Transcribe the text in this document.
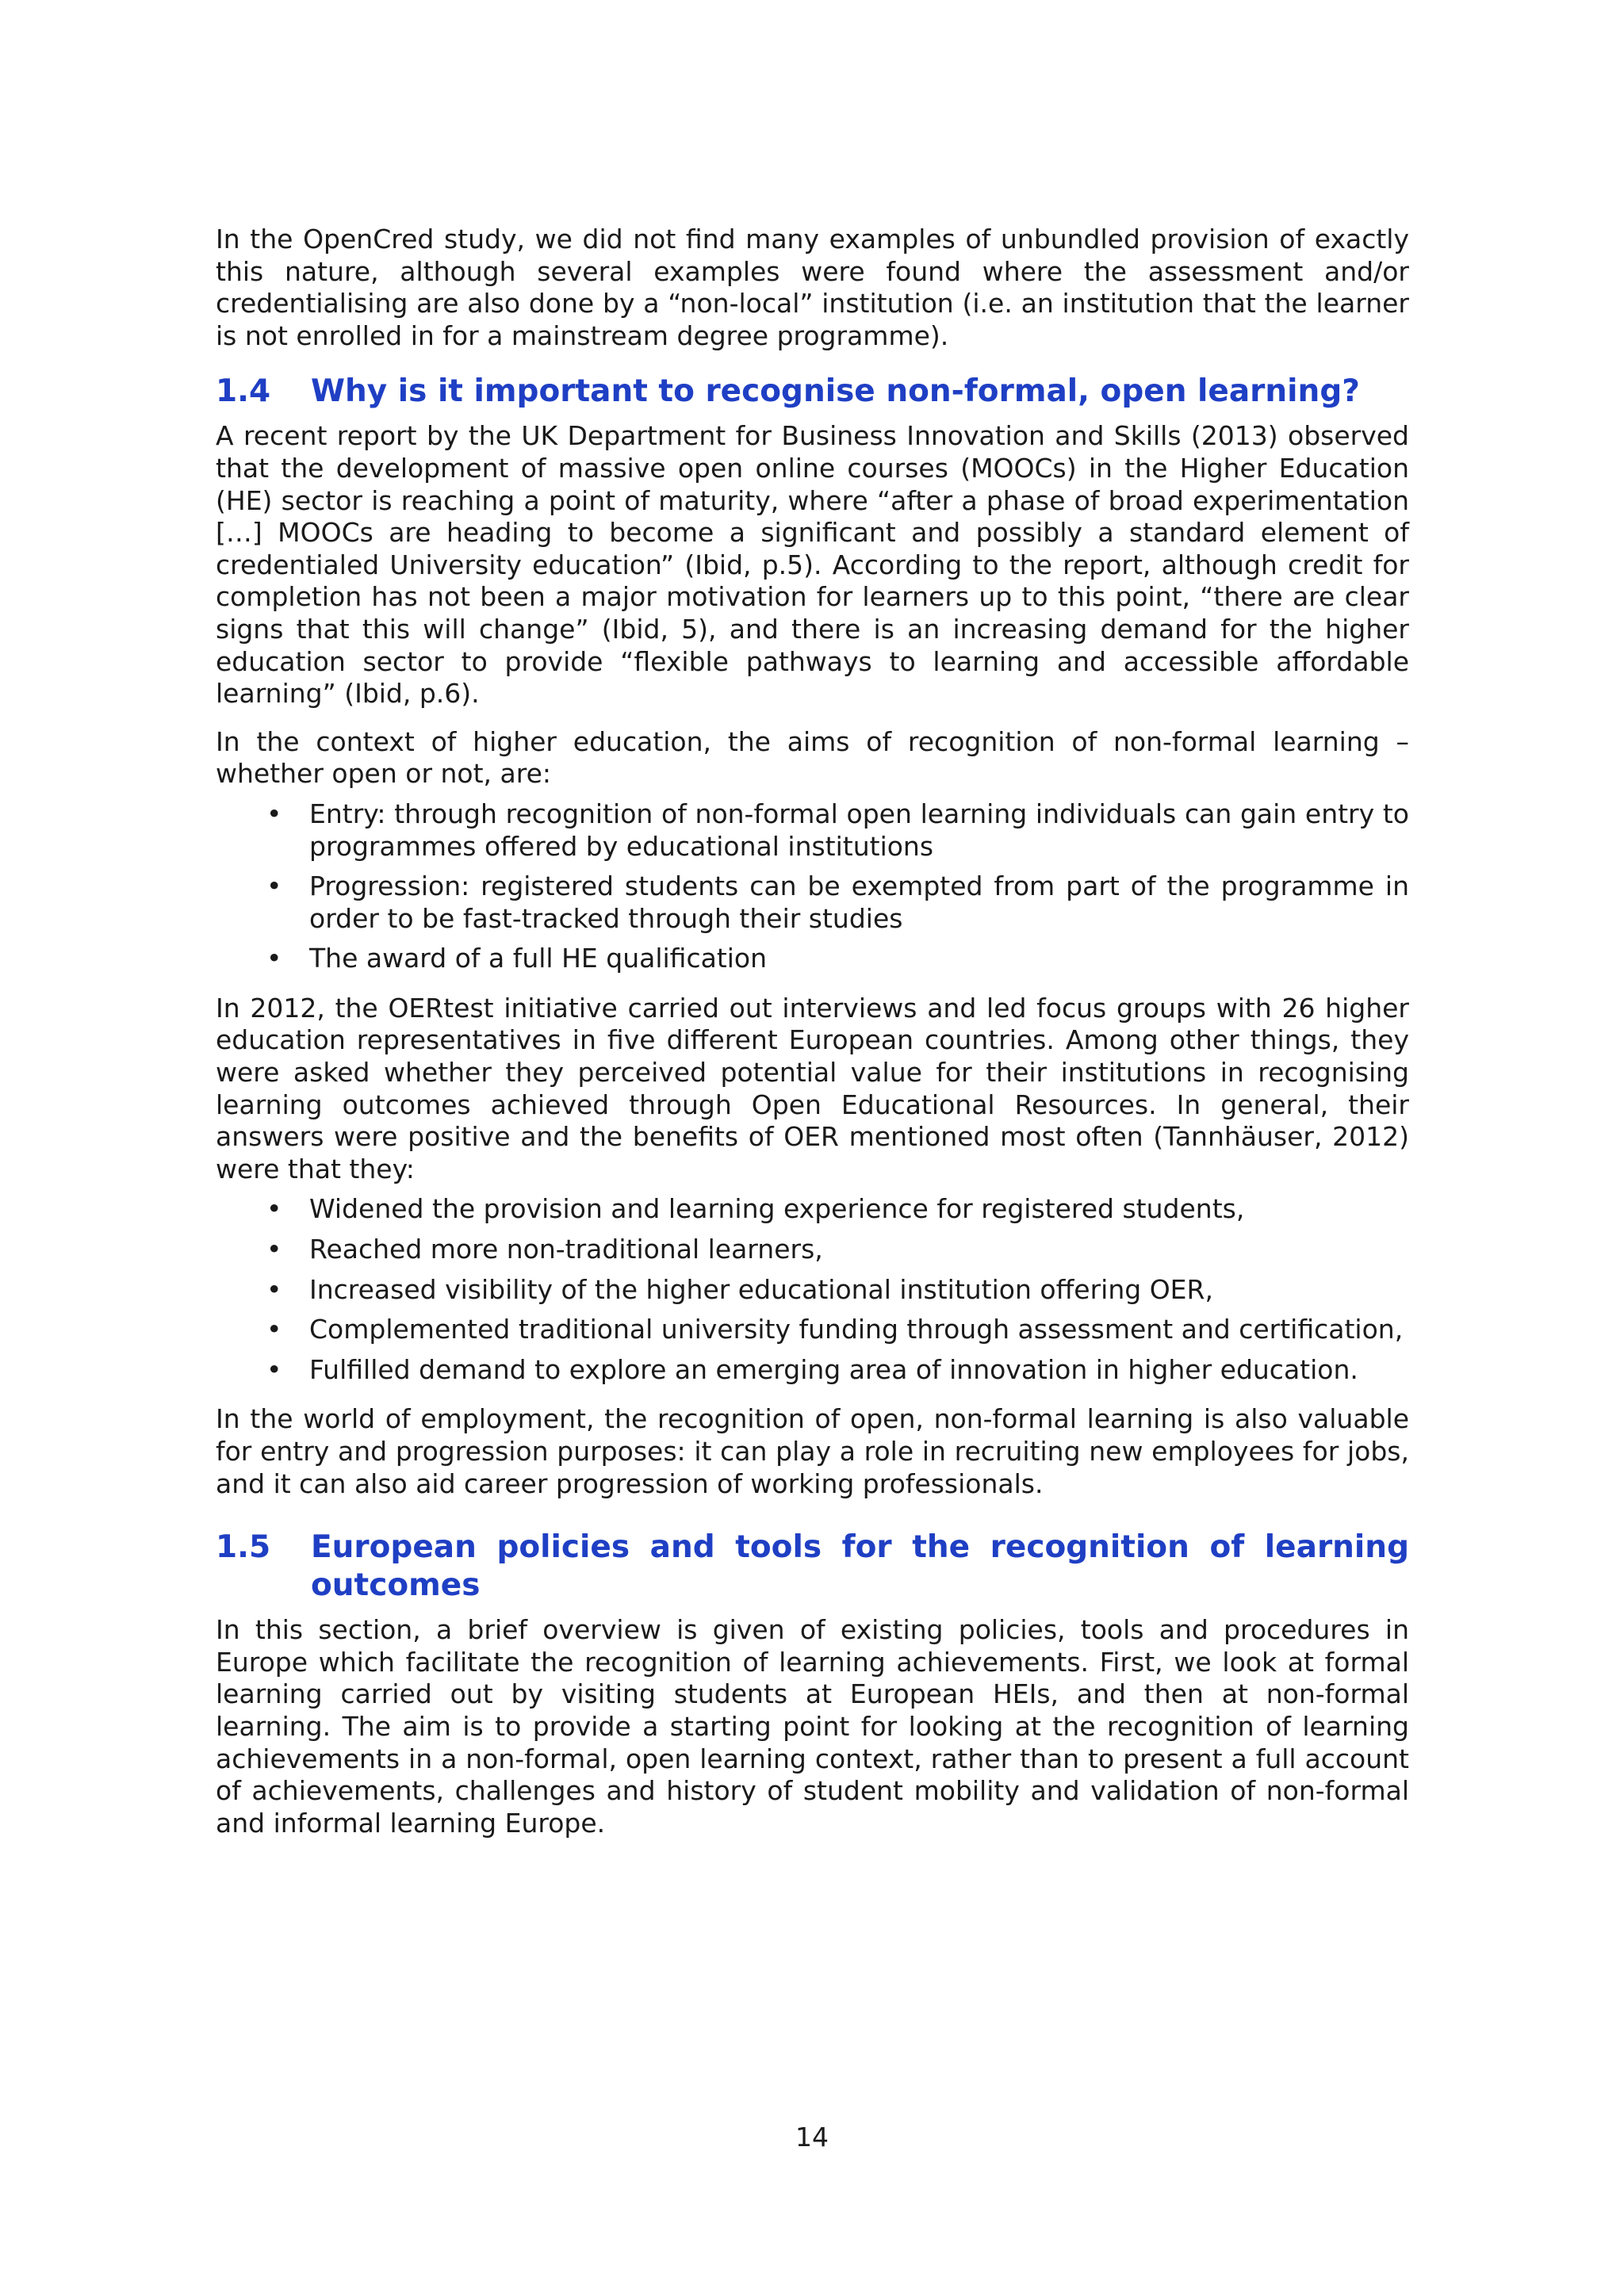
In the OpenCred study, we did not find many examples of unbundled provision of exactly this nature, although several examples were found where the assessment and/or credentialising are also done by a “non-local” institution (i.e. an institution that the learner is not enrolled in for a mainstream degree programme).

1.4	Why is it important to recognise non-formal, open learning?

A recent report by the UK Department for Business Innovation and Skills (2013) observed that the development of massive open online courses (MOOCs) in the Higher Education (HE) sector is reaching a point of maturity, where “after a phase of broad experimentation […] MOOCs are heading to become a significant and possibly a standard element of credentialed University education” (Ibid, p.5). According to the report, although credit for completion has not been a major motivation for learners up to this point, “there are clear signs that this will change” (Ibid, 5), and there is an increasing demand for the higher education sector to provide “flexible pathways to learning and accessible affordable learning” (Ibid, p.6).

In the context of higher education, the aims of recognition of non-formal learning – whether open or not, are:

• Entry: through recognition of non-formal open learning individuals can gain entry to programmes offered by educational institutions
• Progression: registered students can be exempted from part of the programme in order to be fast-tracked through their studies
• The award of a full HE qualification

In 2012, the OERtest initiative carried out interviews and led focus groups with 26 higher education representatives in five different European countries. Among other things, they were asked whether they perceived potential value for their institutions in recognising learning outcomes achieved through Open Educational Resources. In general, their answers were positive and the benefits of OER mentioned most often (Tannhäuser, 2012) were that they:

• Widened the provision and learning experience for registered students,
• Reached more non-traditional learners,
• Increased visibility of the higher educational institution offering OER,
• Complemented traditional university funding through assessment and certification,
• Fulfilled demand to explore an emerging area of innovation in higher education.

In the world of employment, the recognition of open, non-formal learning is also valuable for entry and progression purposes: it can play a role in recruiting new employees for jobs, and it can also aid career progression of working professionals.

1.5	European policies and tools for the recognition of learning outcomes

In this section, a brief overview is given of existing policies, tools and procedures in Europe which facilitate the recognition of learning achievements. First, we look at formal learning carried out by visiting students at European HEIs, and then at non-formal learning. The aim is to provide a starting point for looking at the recognition of learning achievements in a non-formal, open learning context, rather than to present a full account of achievements, challenges and history of student mobility and validation of non-formal and informal learning Europe.

14
